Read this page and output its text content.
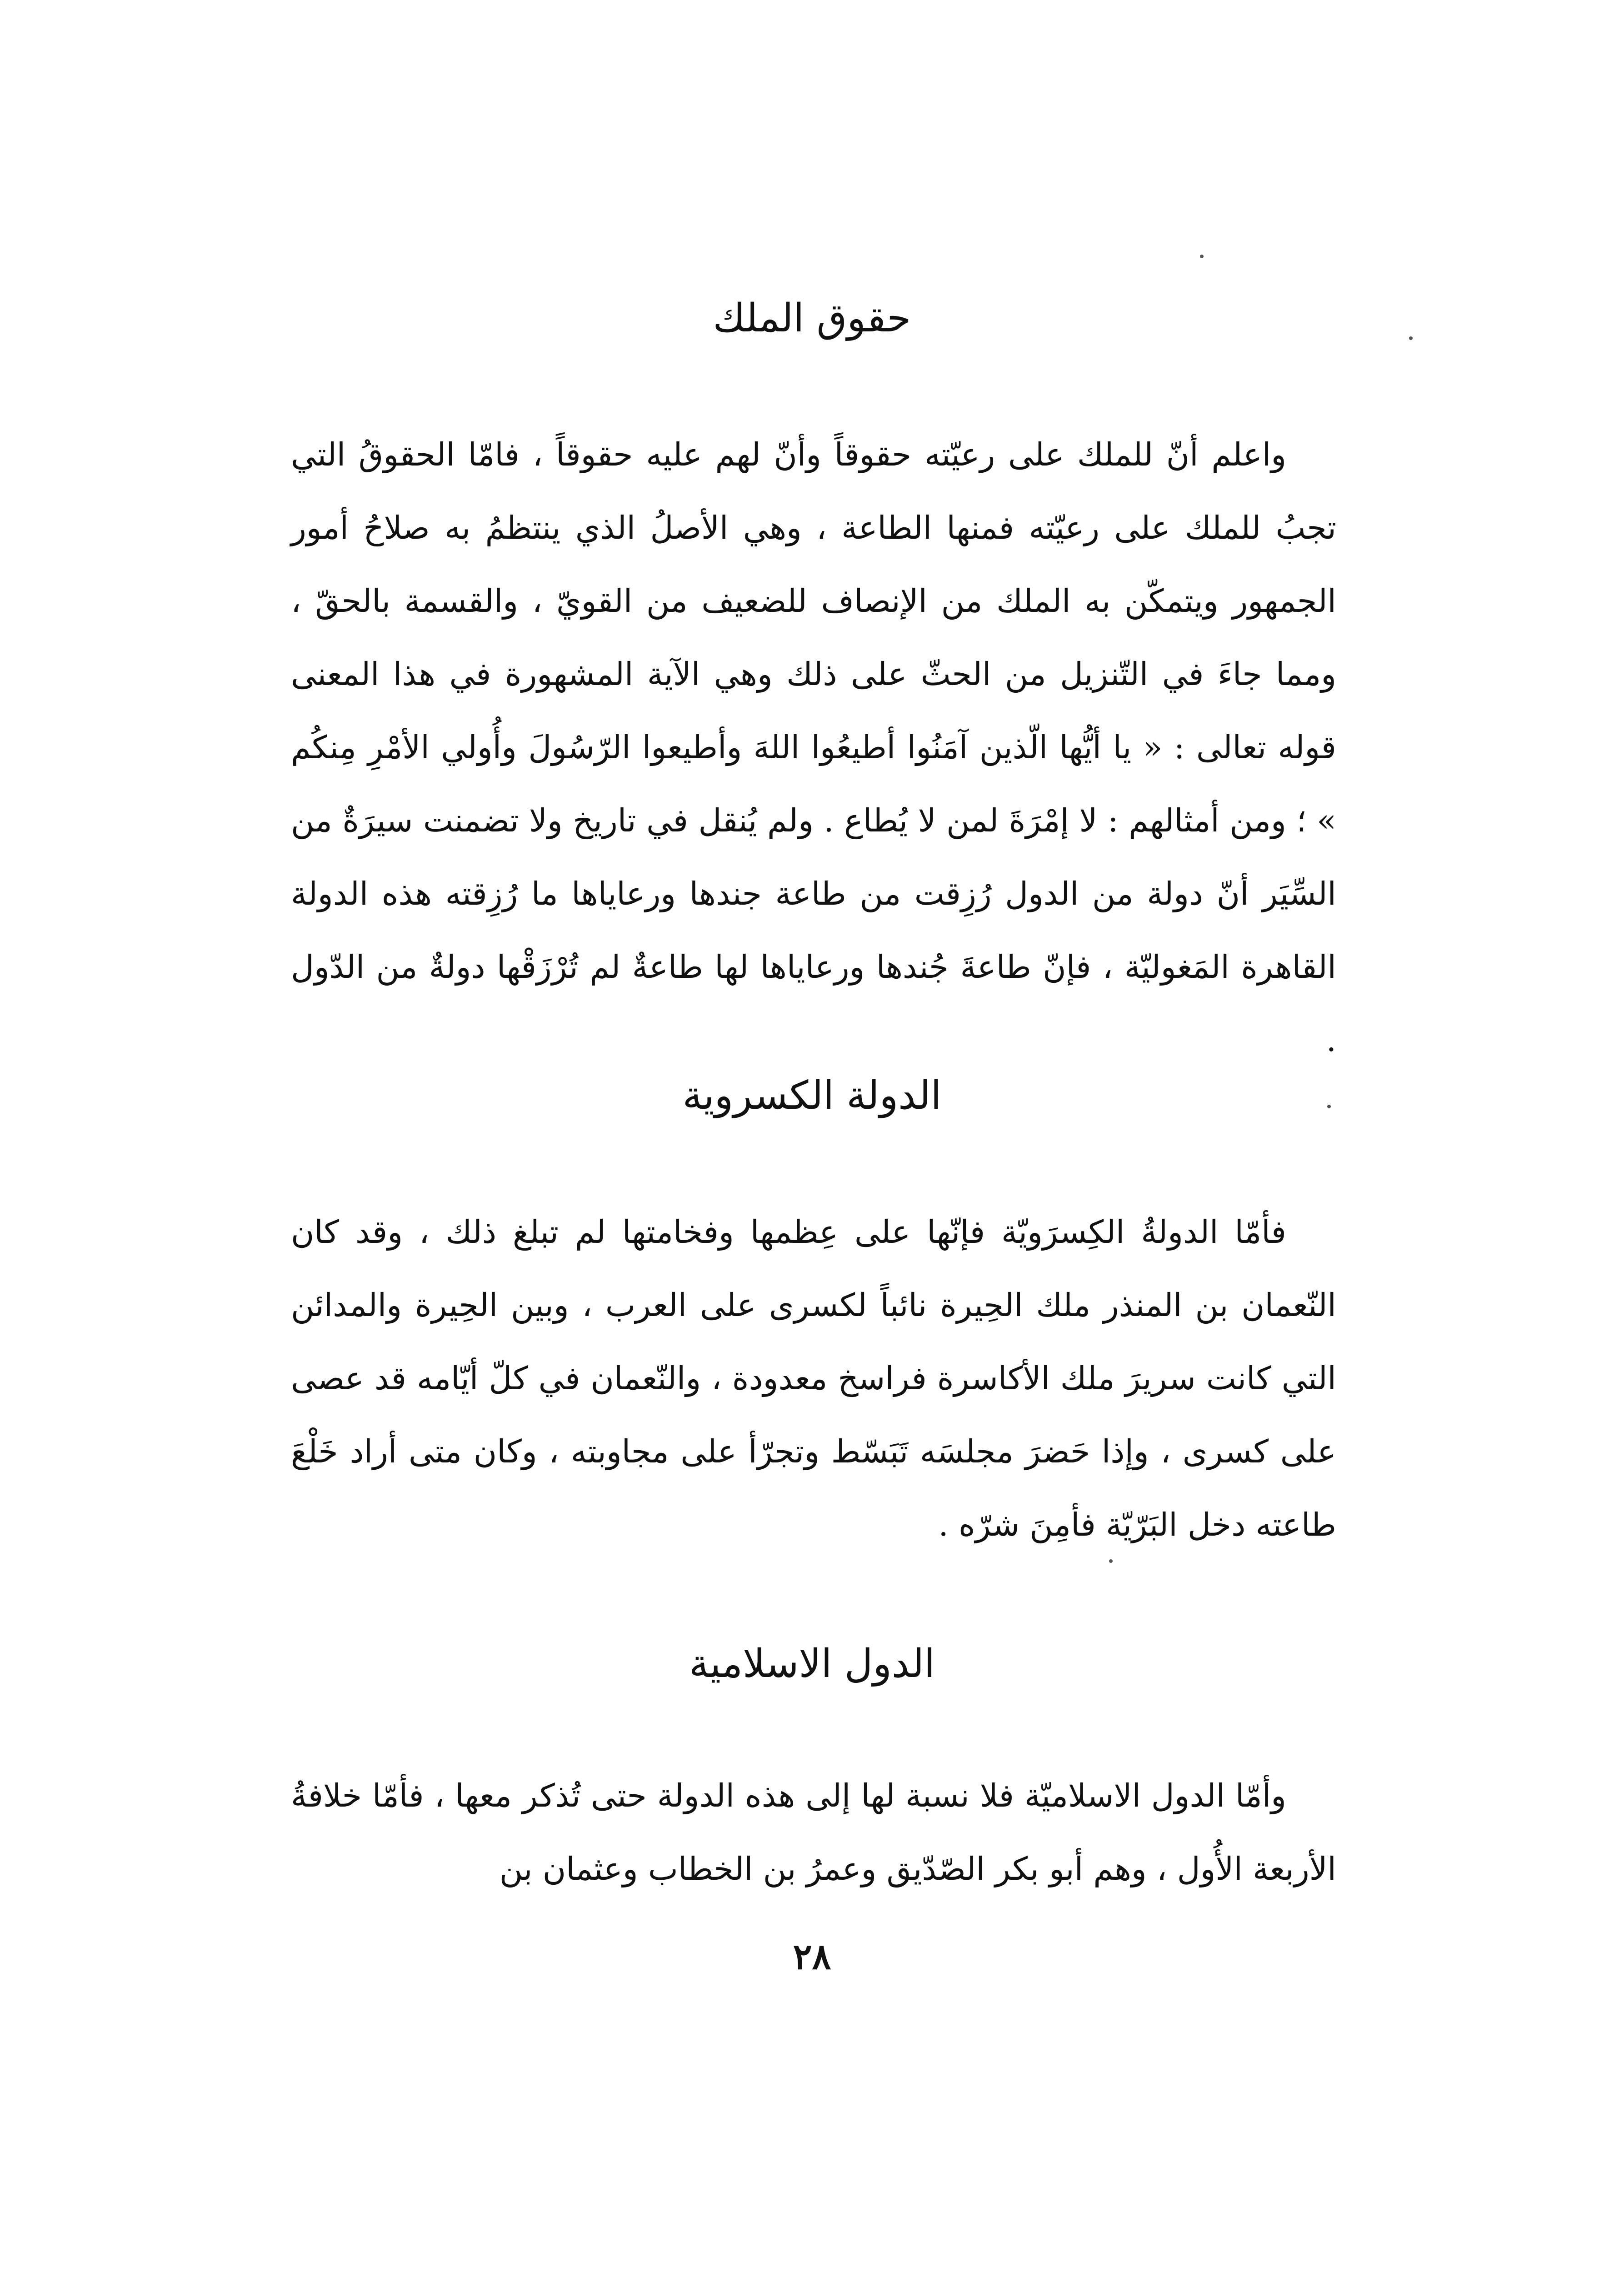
حقوق الملك

واعلم أنّ للملك على رعيّته حقوقاً وأنّ لهم عليه حقوقاً ، فامّا الحقوقُ التي تجبُ للملك على رعيّته فمنها الطاعة ، وهي الأصلُ الذي ينتظمُ به صلاحُ أمور الجمهور ويتمكّن به الملك من الإنصاف للضعيف من القويّ ، والقسمة بالحقّ ، ومما جاءَ في التّنزيل من الحثّ على ذلك وهي الآية المشهورة في هذا المعنى قوله تعالى : « يا أيُّها الّذين آمَنُوا أطيعُوا اللهَ وأطيعوا الرّسُولَ وأُولي الأمْرِ مِنكُم » ؛ ومن أمثالهم : لا إمْرَةَ لمن لا يُطاع . ولم يُنقل في تاريخ ولا تضمنت سيرَةٌ من السِّيَر أنّ دولة من الدول رُزِقت من طاعة جندها ورعاياها ما رُزِقته هذه الدولة القاهرة المَغوليّة ، فإنّ طاعةَ جُندها ورعاياها لها طاعةٌ لم تُرْزَقْها دولةٌ من الدّول .

الدولة الكسروية

فأمّا الدولةُ الكِسرَويّة فإنّها على عِظمها وفخامتها لم تبلغ ذلك ، وقد كان النّعمان بن المنذر ملك الحِيرة نائباً لكسرى على العرب ، وبين الحِيرة والمدائن التي كانت سريرَ ملك الأكاسرة فراسخ معدودة ، والنّعمان في كلّ أيّامه قد عصى على كسرى ، وإذا حَضرَ مجلسَه تَبَسّط وتجرّأ على مجاوبته ، وكان متى أراد خَلْعَ طاعته دخل البَرّيّة فأمِنَ شرّه .

الدول الاسلامية

وأمّا الدول الاسلاميّة فلا نسبة لها إلى هذه الدولة حتى تُذكر معها ، فأمّا خلافةُ الأربعة الأُول ، وهم أبو بكر الصّدّيق وعمرُ بن الخطاب وعثمان بن

٢٨
